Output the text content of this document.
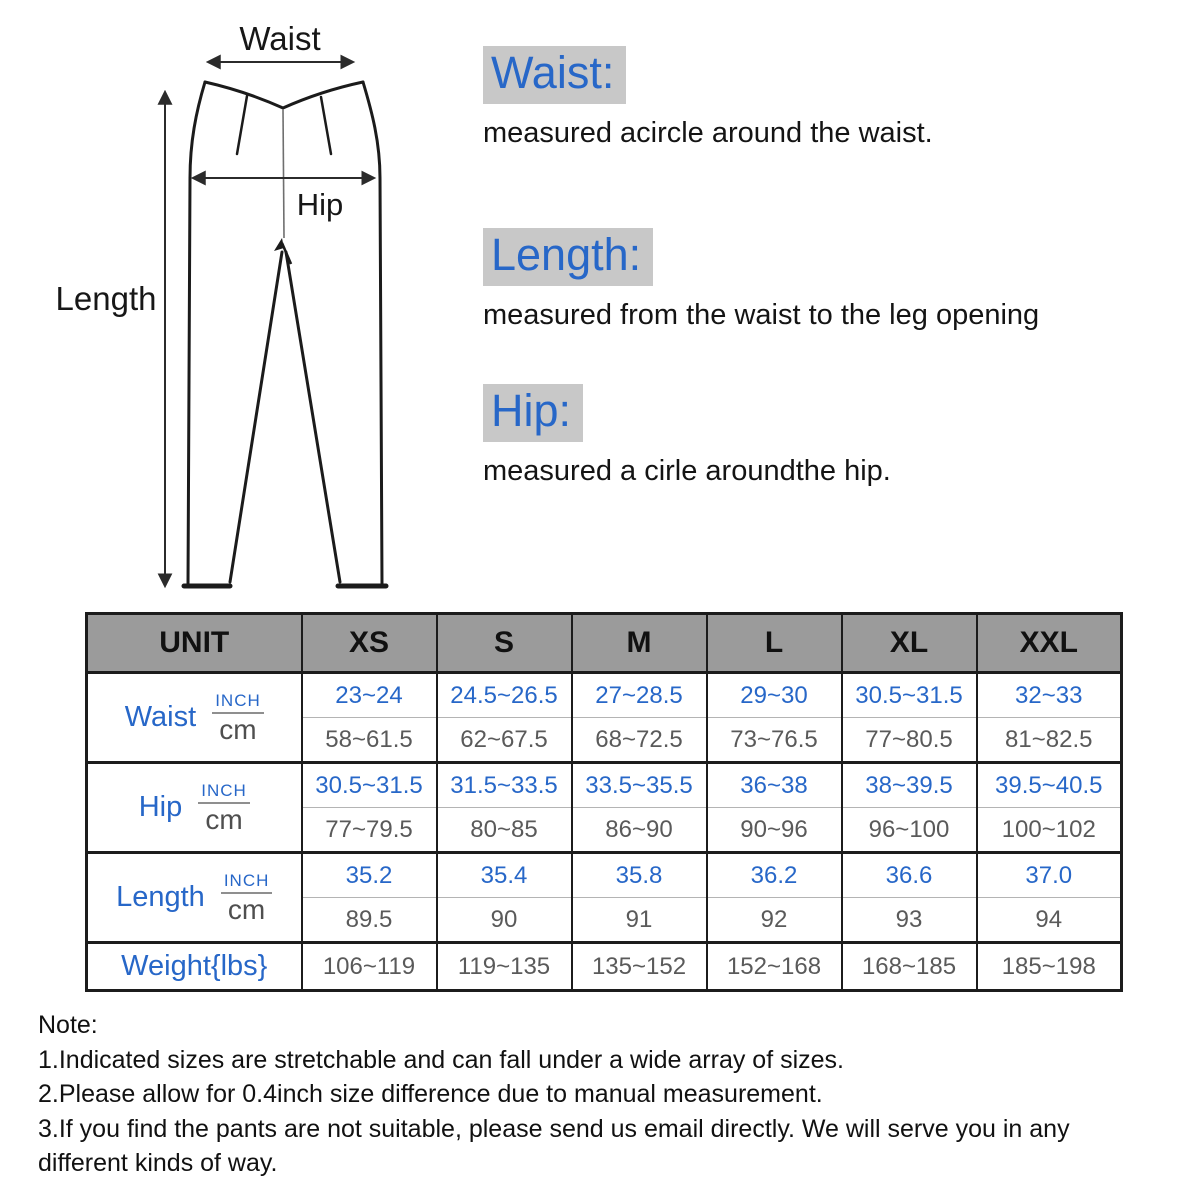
Waist
Hip
Length
Waist:
measured acircle around the waist.
Length:
measured from the waist to the leg opening
Hip:
measured a cirle aroundthe hip.
UNIT	XS	S	M	L	XL	XXL

Waist $\frac{\text{INCH}}{cm}$	23~24	24.5~26.5	27~28.5	29~30	30.5~31.5	32~33
	58~61.5	62~67.5	68~72.5	73~76.5	77~80.5	81~82.5

Hip $\frac{\text{INCH}}{cm}$	30.5~31.5	31.5~33.5	33.5~35.5	36~38	38~39.5	39.5~40.5
	77~79.5	80~85	86~90	90~96	96~100	100~102

Length $\frac{\text{INCH}}{cm}$	35.2	35.4	35.8	36.2	36.6	37.0
	89.5	90	91	92	93	94
Weight{lbs}	106~119	119~135	135~152	152~168	168~185	185~198

Note:

1.Indicated sizes are stretchable and can fall under a wide array of sizes.

2.Please allow for 0.4inch size difference due to manual measurement.

3.If you find the pants are not suitable, please send us email directly. We will serve you in any

different kinds of way.
